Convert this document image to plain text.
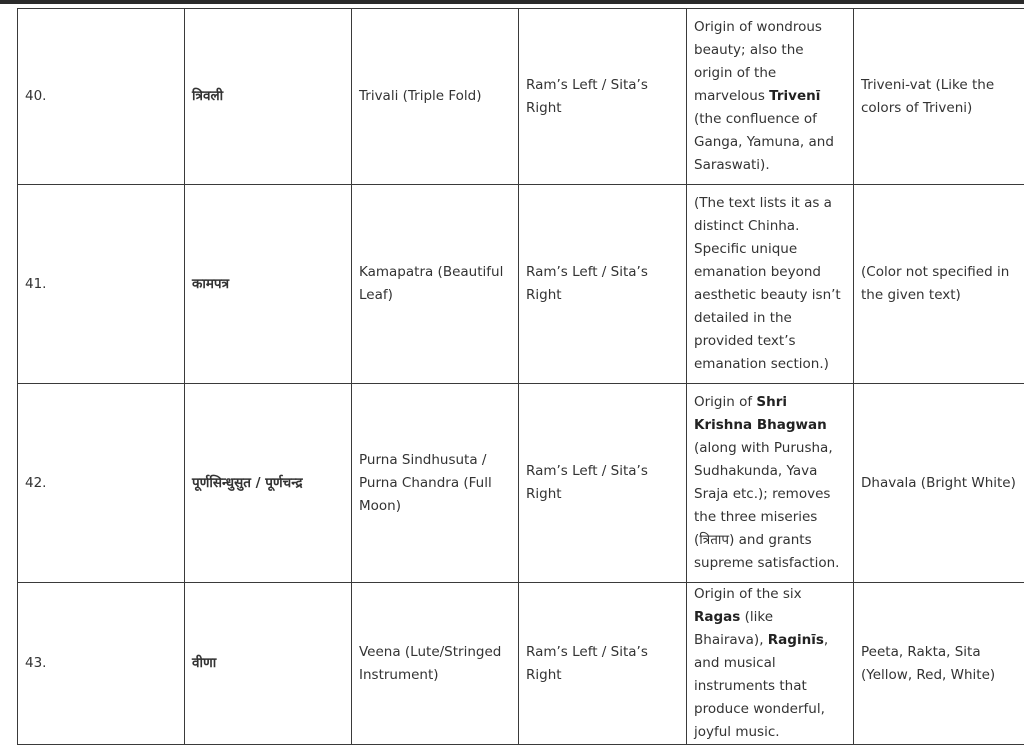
40.	त्रिवली	Trivali (Triple Fold)	Ram’s Left / Sita’s Right	Origin of wondrous beauty; also the origin of the marvelous Trivenī (the confluence of Ganga, Yamuna, and Saraswati).	Triveni-vat (Like the colors of Triveni)
41.	कामपत्र	Kamapatra (Beautiful Leaf)	Ram’s Left / Sita’s Right	(The text lists it as a distinct Chinha. Specific unique emanation beyond aesthetic beauty isn’t detailed in the provided text’s emanation section.)	(Color not specified in the given text)
42.	पूर्णसिन्धुसुत / पूर्णचन्द्र	Purna Sindhusuta / Purna Chandra (Full Moon)	Ram’s Left / Sita’s Right	Origin of Shri Krishna Bhagwan (along with Purusha, Sudhakunda, Yava Sraja etc.); removes the three miseries (त्रिताप) and grants supreme satisfaction.	Dhavala (Bright White)
43.	वीणा	Veena (Lute/Stringed Instrument)	Ram’s Left / Sita’s Right	Origin of the six Ragas (like Bhairava), Raginīs, and musical instruments that produce wonderful, joyful music.	Peeta, Rakta, Sita (Yellow, Red, White)
